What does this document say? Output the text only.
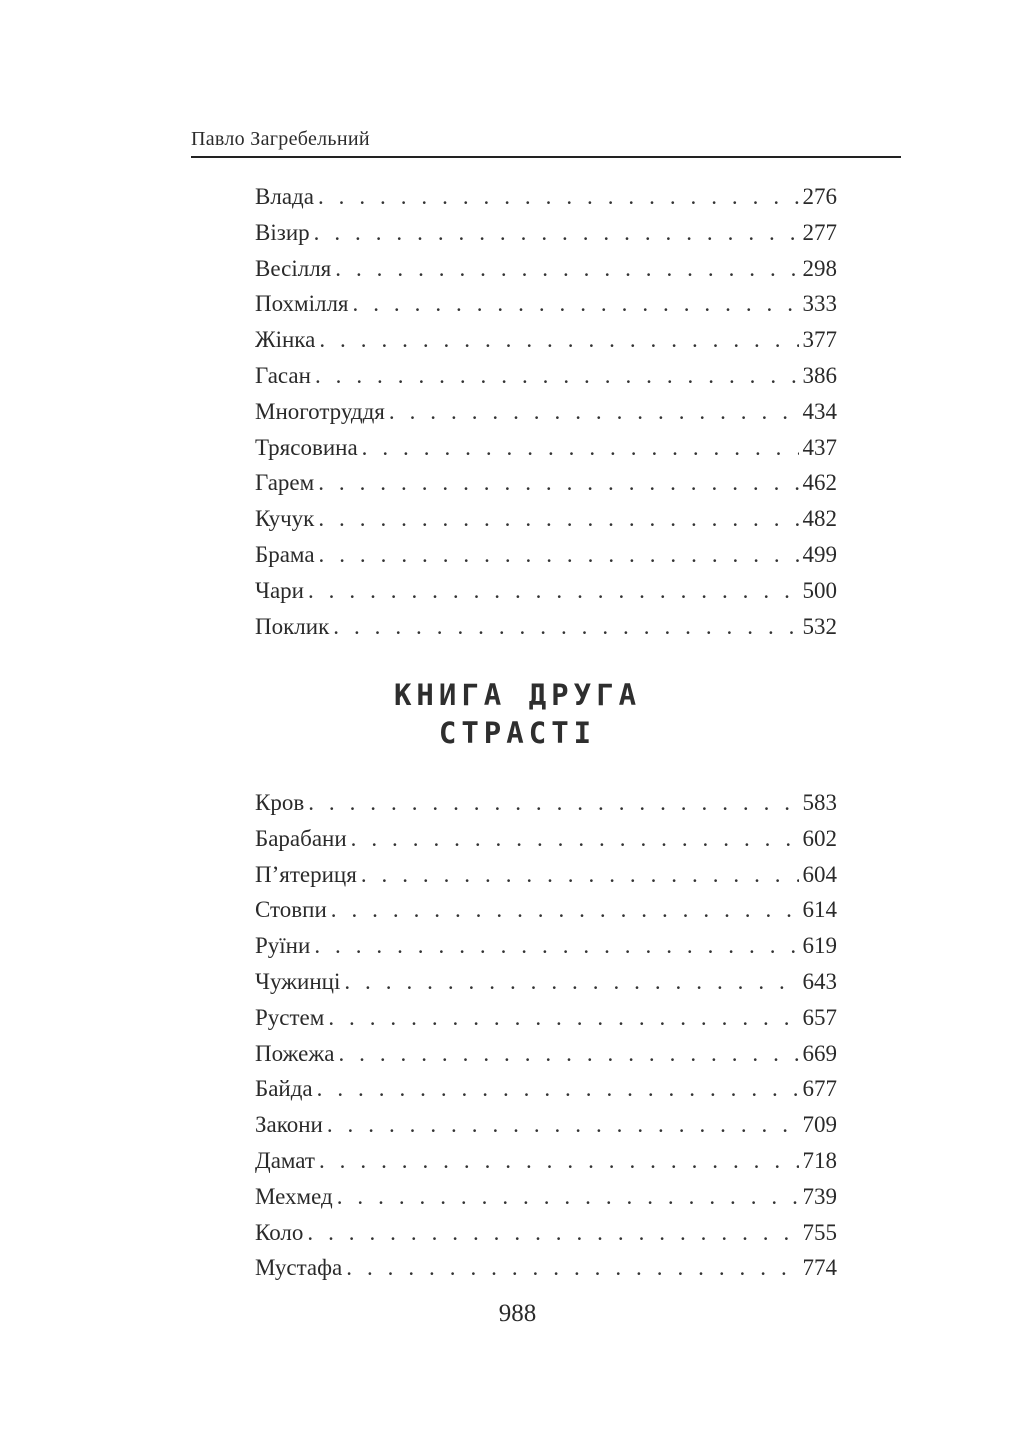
Павло Загребельний
Влада . . .	276
Візир . . .	277
Весілля . . .	298
Похмілля . . .	333
Жінка . . .	377
Гасан . . .	386
Многотруддя . . .	434
Трясовина . . .	437
Гарем . . .	462
Кучук . . .	482
Брама . . .	499
Чари . . .	500
Поклик . . .	532
КНИГА ДРУГА
СТРАСТІ
Кров . . .	583
Барабани . . .	602
П’ятериця . . .	604
Стовпи . . .	614
Руїни . . .	619
Чужинці . . .	643
Рустем . . .	657
Пожежа . . .	669
Байда . . .	677
Закони . . .	709
Дамат . . .	718
Мехмед . . .	739
Коло . . .	755
Мустафа . . .	774
988
